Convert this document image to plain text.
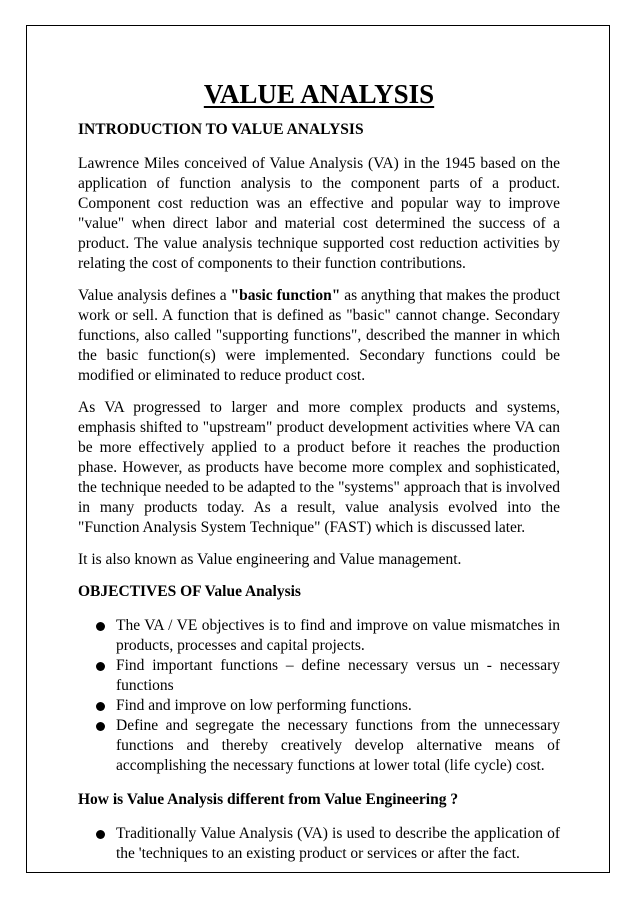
VALUE ANALYSIS
INTRODUCTION TO VALUE ANALYSIS

Lawrence Miles conceived of Value Analysis (VA) in the 1945 based on the application of function analysis to the component parts of a product. Component cost reduction was an effective and popular way to improve "value" when direct labor and material cost determined the success of a product. The value analysis technique supported cost reduction activities by relating the cost of components to their function contributions.

Value analysis defines a "basic function" as anything that makes the product work or sell. A function that is defined as "basic" cannot change. Secondary functions, also called "supporting functions", described the manner in which the basic function(s) were implemented. Secondary functions could be modified or eliminated to reduce product cost.

As VA progressed to larger and more complex products and systems, emphasis shifted to "upstream" product development activities where VA can be more effectively applied to a product before it reaches the production phase. However, as products have become more complex and sophisticated, the technique needed to be adapted to the "systems" approach that is involved in many products today. As a result, value analysis evolved into the "Function Analysis System Technique" (FAST) which is discussed later.

It is also known as Value engineering and Value management.

OBJECTIVES OF Value Analysis
The VA / VE objectives is to find and improve on value mismatches in products, processes and capital projects.
Find important functions – define necessary versus un - necessary functions
Find and improve on low performing functions.
Define and segregate the necessary functions from the unnecessary functions and thereby creatively develop alternative means of accomplishing the necessary functions at lower total (life cycle) cost.
How is Value Analysis different from Value Engineering ?
Traditionally Value Analysis (VA) is used to describe the application of the 'techniques to an existing product or services or after the fact.
